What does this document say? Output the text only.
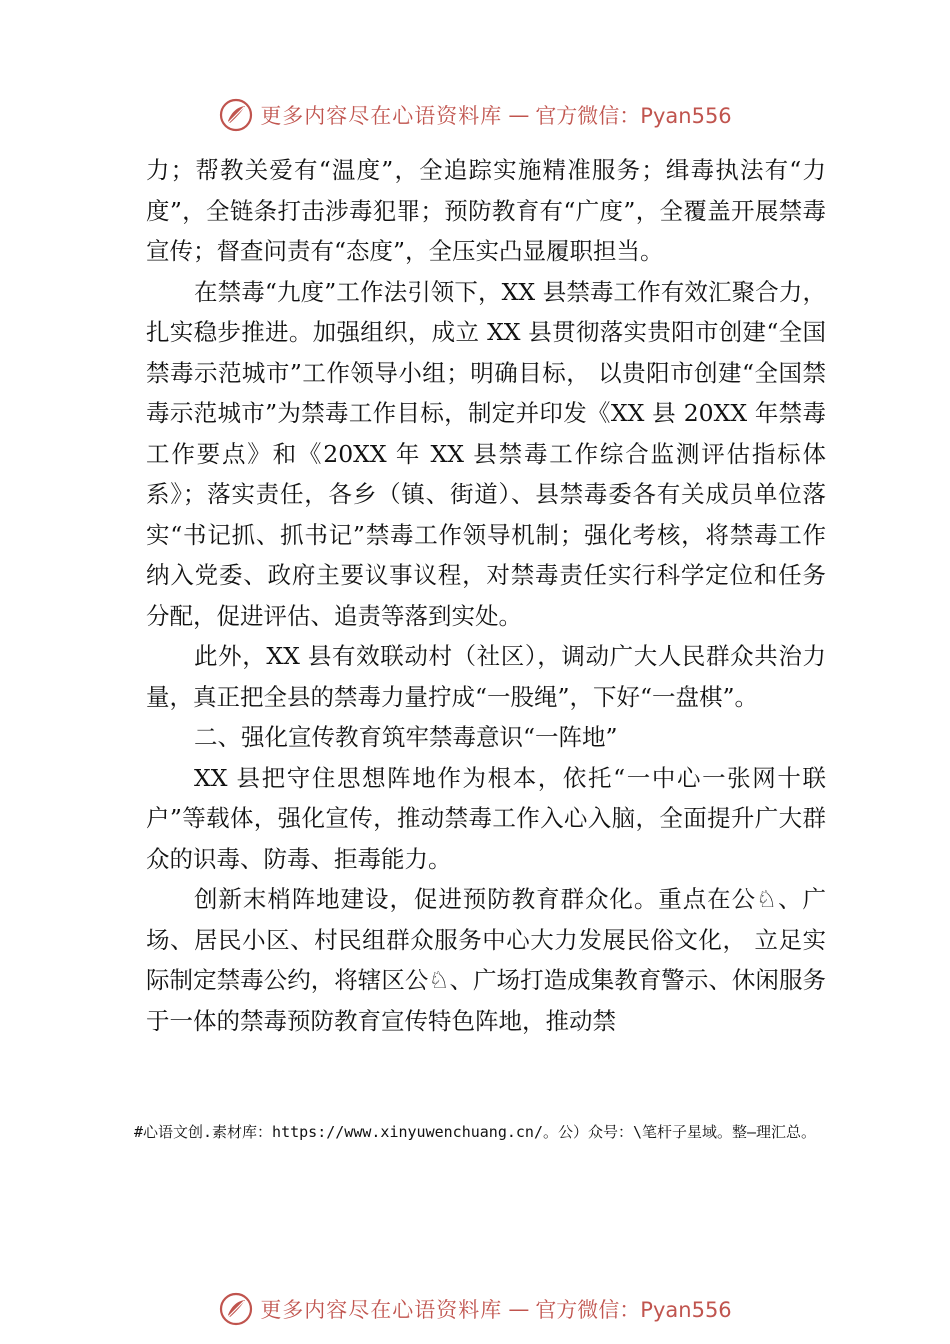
更多内容尽在心语资料库 — 官方微信：Pyan556

力；帮教关爱有“温度”，全追踪实施精准服务；缉毒执法有“力度”，全链条打击涉毒犯罪；预防教育有“广度”，全覆盖开展禁毒宣传；督查问责有“态度”，全压实凸显履职担当。

在禁毒“九度”工作法引领下，XX 县禁毒工作有效汇聚合力，扎实稳步推进。加强组织，成立 XX 县贯彻落实贵阳市创建“全国禁毒示范城市”工作领导小组；明确目标， 以贵阳市创建“全国禁毒示范城市”为禁毒工作目标，制定并印发《XX 县 20XX 年禁毒工作要点》和《20XX 年 XX 县禁毒工作综合监测评估指标体系》；落实责任，各乡（镇、街道）、县禁毒委各有关成员单位落实“书记抓、抓书记”禁毒工作领导机制；强化考核，将禁毒工作纳入党委、政府主要议事议程，对禁毒责任实行科学定位和任务分配，促进评估、追责等落到实处。

此外，XX 县有效联动村（社区），调动广大人民群众共治力量，真正把全县的禁毒力量拧成“一股绳”，下好“一盘棋”。

二、强化宣传教育筑牢禁毒意识“一阵地”

XX 县把守住思想阵地作为根本，依托“一中心一张网十联户”等载体，强化宣传，推动禁毒工作入心入脑，全面提升广大群众的识毒、防毒、拒毒能力。

创新末梢阵地建设，促进预防教育群众化。重点在公♘、广场、居民小区、村民组群众服务中心大力发展民俗文化， 立足实际制定禁毒公约，将辖区公♘、广场打造成集教育警示、休闲服务于一体的禁毒预防教育宣传特色阵地，推动禁

#心语文创.素材库：https://www.xinyuwenchuang.cn/。公）众号：\笔杆子星域。整—理汇总。
更多内容尽在心语资料库 — 官方微信：Pyan556
